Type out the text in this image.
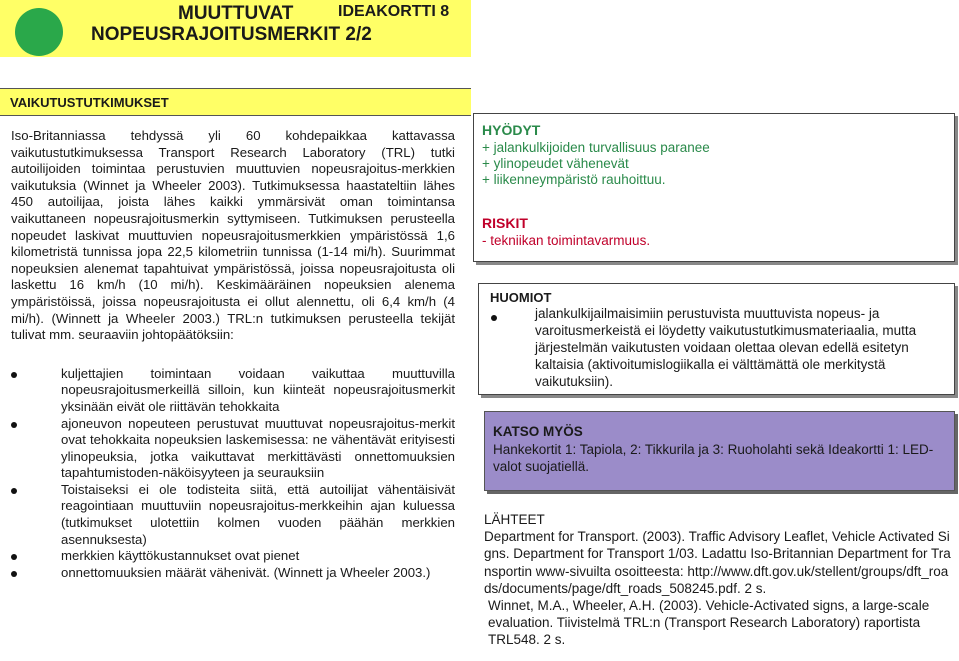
MUUTTUVAT	IDEAKORTTI 8
NOPEUSRAJOITUSMERKIT 2/2
VAIKUTUSTUTKIMUKSET

Iso-Britanniassa tehdyssä yli 60 kohdepaikkaa kattavassa vaikutustutkimuksessa Transport Research Laboratory (TRL) tutki autoilijoiden toimintaa perustuvien muuttuvien nopeusrajoitus-merkkien vaikutuksia (Winnet ja Wheeler 2003). Tutkimuksessa haastateltiin lähes 450 autoilijaa, joista lähes kaikki ymmärsivät oman toimintansa vaikuttaneen nopeusrajoitusmerkin syttymiseen. Tutkimuksen perusteella nopeudet laskivat muuttuvien nopeusrajoitusmerkkien ympäristössä 1,6 kilometristä tunnissa jopa 22,5 kilometriin tunnissa (1-14 mi/h). Suurimmat nopeuksien alenemat tapahtuivat ympäristössä, joissa nopeusrajoitusta oli laskettu 16 km/h (10 mi/h). Keskimääräinen nopeuksien alenema ympäristöissä, joissa nopeusrajoitusta ei ollut alennettu, oli 6,4 km/h (4 mi/h). (Winnett ja Wheeler 2003.) TRL:n tutkimuksen perusteella tekijät tulivat mm. seuraaviin johtopäätöksiin:

kuljettajien toimintaan voidaan vaikuttaa muuttuvilla nopeusrajoitusmerkeillä silloin, kun kiinteät nopeusrajoitusmerkit yksinään eivät ole riittävän tehokkaita
ajoneuvon nopeuteen perustuvat muuttuvat nopeusrajoitus-merkit ovat tehokkaita nopeuksien laskemisessa: ne vähentävät erityisesti ylinopeuksia, jotka vaikuttavat merkittävästi onnettomuuksien tapahtumistoden-näköisyyteen ja seurauksiin
Toistaiseksi ei ole todisteita siitä, että autoilijat vähentäisivät reagointiaan muuttuviin nopeusrajoitus-merkkeihin ajan kuluessa (tutkimukset ulotettiin kolmen vuoden päähän merkkien asennuksesta)
merkkien käyttökustannukset ovat pienet
onnettomuuksien määrät vähenivät. (Winnett ja Wheeler 2003.)
HYÖDYT
+ jalankulkijoiden turvallisuus paranee
+ ylinopeudet vähenevät
+ liikenneympäristö rauhoittuu.
RISKIT
- tekniikan toimintavarmuus.
HUOMIOT
jalankulkijailmaisimiin perustuvista muuttuvista nopeus- ja varoitusmerkeistä ei löydetty vaikutustutkimusmateriaalia, mutta järjestelmän vaikutusten voidaan olettaa olevan edellä esitetyn kaltaisia (aktivoitumislogiikalla ei välttämättä ole merkitystä vaikutuksiin).
KATSO MYÖS
Hankekortit 1: Tapiola, 2: Tikkurila ja 3: Ruoholahti sekä Ideakortti 1: LED-valot suojatiellä.
LÄHTEET
Department for Transport. (2003). Traffic Advisory Leaflet, Vehicle Activated Signs. Department for Transport 1/03. Ladattu Iso-Britannian Department for Transportin www-sivuilta osoitteesta: http://www.dft.gov.uk/stellent/groups/dft_roads/documents/page/dft_roads_508245.pdf. 2 s.
Winnet, M.A., Wheeler, A.H. (2003). Vehicle-Activated signs, a large-scale evaluation. Tiivistelmä TRL:n (Transport Research Laboratory) raportista TRL548. 2 s.
